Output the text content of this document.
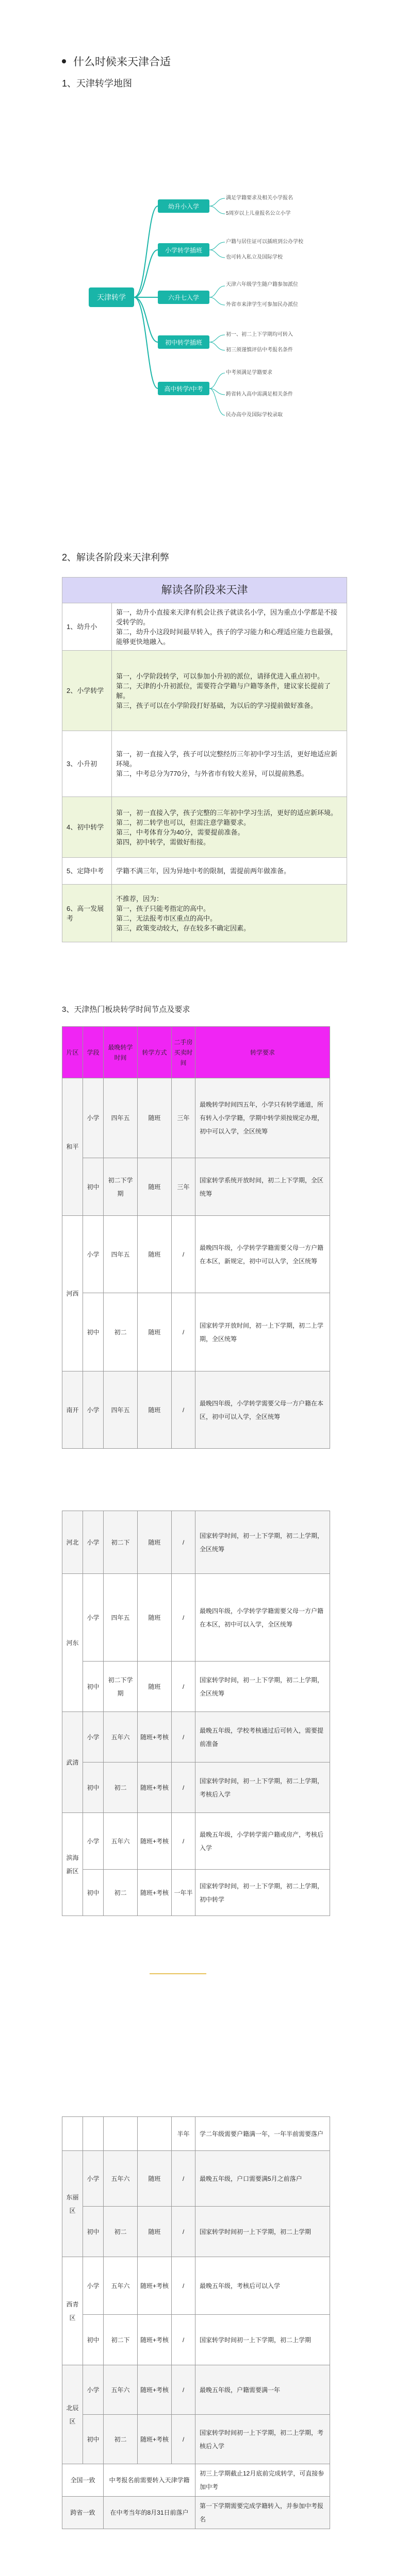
什么时候来天津合适
1、天津转学地图
天津转学
幼升小入学
满足学籍要求及相关小学报名
5周岁以上儿童报名公立小学
小学转学插班
户籍与居住证可以插班到公办学校
也可转入私立及国际学校
六升七入学
天津六年级学生随户籍参加派位
外省市来津学生可参加民办派位
初中转学插班
初一、初二上下学期均可转入
初三须谨慎评估中考报名条件
高中转学/中考
中考须满足学籍要求
跨省转入高中需满足相关条件
民办高中及国际学校录取
2、解读各阶段来天津利弊
解读各阶段来天津	
1、幼升小	第一，幼升小直接来天津有机会让孩子就读名小学，因为重点小学都是不接受转学的。
第二，幼升小这段时间最早转入，孩子的学习能力和心理适应能力也最强，能够更快地融入。
2、小学转学	第一，小学阶段转学，可以参加小升初的派位，请择优进入重点初中。
第二，天津的小升初派位，需要符合学籍与户籍等条件，建议家长提前了解。
第三，孩子可以在小学阶段打好基础，为以后的学习提前做好准备。
3、小升初	第一，初一直接入学，孩子可以完整经历三年初中学习生活，更好地适应新环境。
第二，中考总分为770分，与外省市有较大差异，可以提前熟悉。
4、初中转学	第一，初一直接入学，孩子完整的三年初中学习生活，更好的适应新环境。
第二，初二转学也可以，但需注意学籍要求。
第三，中考体育分为40分，需要提前准备。
第四，初中转学，需做好衔接。
5、定降中考	学籍不满三年，因为异地中考的限制，需提前两年做准备。
6、高一发展考	不推荐，因为：
第一，孩子只能考指定的高中。
第二，无法报考市区重点的高中。
第三，政策变动较大，存在较多不确定因素。
3、天津热门板块转学时间节点及要求
片区	学段	最晚转学时间	转学方式	二手房买卖时间	转学要求
和平	小学	四年五	随班	三年	最晚转学时间四五年，小学只有转学通道，所有转入小学学籍，学期中转学须按规定办理，初中可以入学，全区统筹
	初中	初二下学期	随班	三年	国家转学系统开放时间，初二上下学期，全区统筹
河西	小学	四年五	随班	/	最晚四年级，小学转学学籍需要父母一方户籍在本区，新规定，初中可以入学，全区统筹
	初中	初二	随班	/	国家转学开放时间，初一上下学期，初二上学期，全区统筹
南开	小学	四年五	随班	/	最晚四年级，小学转学需要父母一方户籍在本区，初中可以入学，全区统筹
河北	小学	初二下	随班	/	国家转学时间，初一上下学期，初二上学期，全区统筹
河东	小学	四年五	随班	/	最晚四年级，小学转学学籍需要父母一方户籍在本区，初中可以入学，全区统筹
	初中	初二下学期	随班	/	国家转学时间，初一上下学期，初二上学期，全区统筹
武清	小学	五年六	随班+考核	/	最晚五年级，学校考核通过后可转入，需要提前准备
	初中	初二	随班+考核	/	国家转学时间，初一上下学期，初二上学期，考核后入学
滨海新区	小学	五年六	随班+考核	/	最晚五年级，小学转学需户籍或房产，考核后入学
	初中	初二	随班+考核	一年半	国家转学时间，初一上下学期，初二上学期，初中转学
				半年	学二年级需要户籍满一年，一年半前需要落户
东丽区	小学	五年六	随班	/	最晚五年级，户口需要满5月之前落户
	初中	初二	随班	/	国家转学时间初一上下学期，初二上学期
西青区	小学	五年六	随班+考核	/	最晚五年级，考核后可以入学
	初中	初二下	随班+考核	/	国家转学时间初一上下学期，初二上学期
北辰区	小学	五年六	随班+考核	/	最晚五年级，户籍需要满一年
	初中	初二	随班+考核	/	国家转学时间初一上下学期，初二上学期，考核后入学
全国一致		中考报名前需要转入天津学籍			初三上学期截止12月底前完成转学，可直接参加中考
跨省一致		在中考当年的8月31日前落户			第一下学期需要完成学籍转入，并参加中考报名
